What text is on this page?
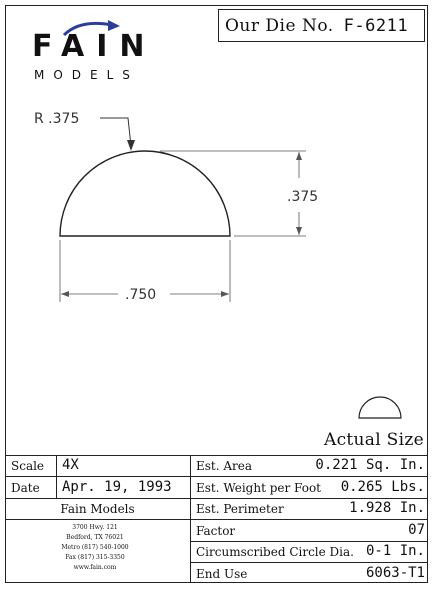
Our Die No. F-6211
FAIN
MODELS
R .375
.375
.750
Actual Size
Scale 4X
Date Apr. 19, 1993
Fain Models
3700 Hwy. 121
Bedford, TX 76021
Metro (817) 540-1000
Fax (817) 315-3350
www.fain.com
Est. Area	0.221 Sq. In.
Est. Weight per Foot 0.265 Lbs.
Est. Perimeter	1.928 In.
Factor	07
Circumscribed Circle Dia. 0-1 In.
End Use	6063-T1
